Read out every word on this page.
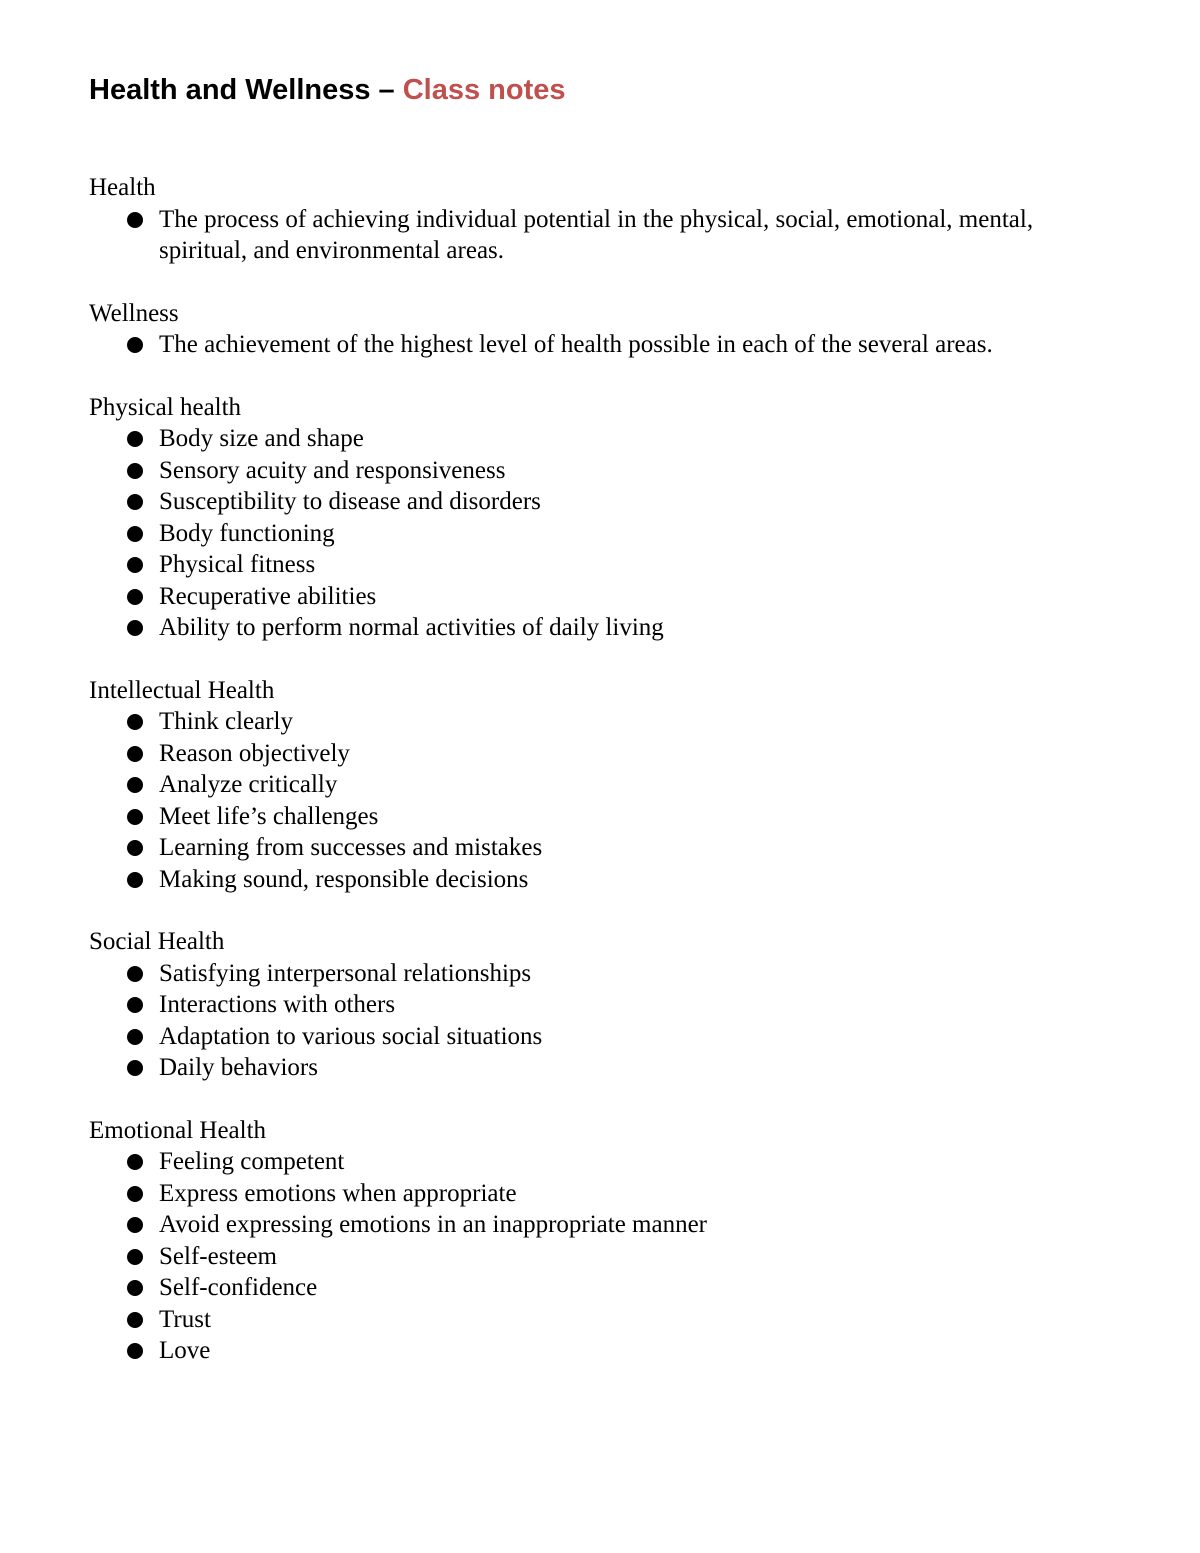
Health and Wellness – Class notes

Health

The process of achieving individual potential in the physical, social, emotional, mental, spiritual, and environmental areas.

Wellness

The achievement of the highest level of health possible in each of the several areas.

Physical health

Body size and shape
Sensory acuity and responsiveness
Susceptibility to disease and disorders
Body functioning
Physical fitness
Recuperative abilities
Ability to perform normal activities of daily living

Intellectual Health

Think clearly
Reason objectively
Analyze critically
Meet life’s challenges
Learning from successes and mistakes
Making sound, responsible decisions

Social Health

Satisfying interpersonal relationships
Interactions with others
Adaptation to various social situations
Daily behaviors

Emotional Health

Feeling competent
Express emotions when appropriate
Avoid expressing emotions in an inappropriate manner
Self-esteem
Self-confidence
Trust
Love
